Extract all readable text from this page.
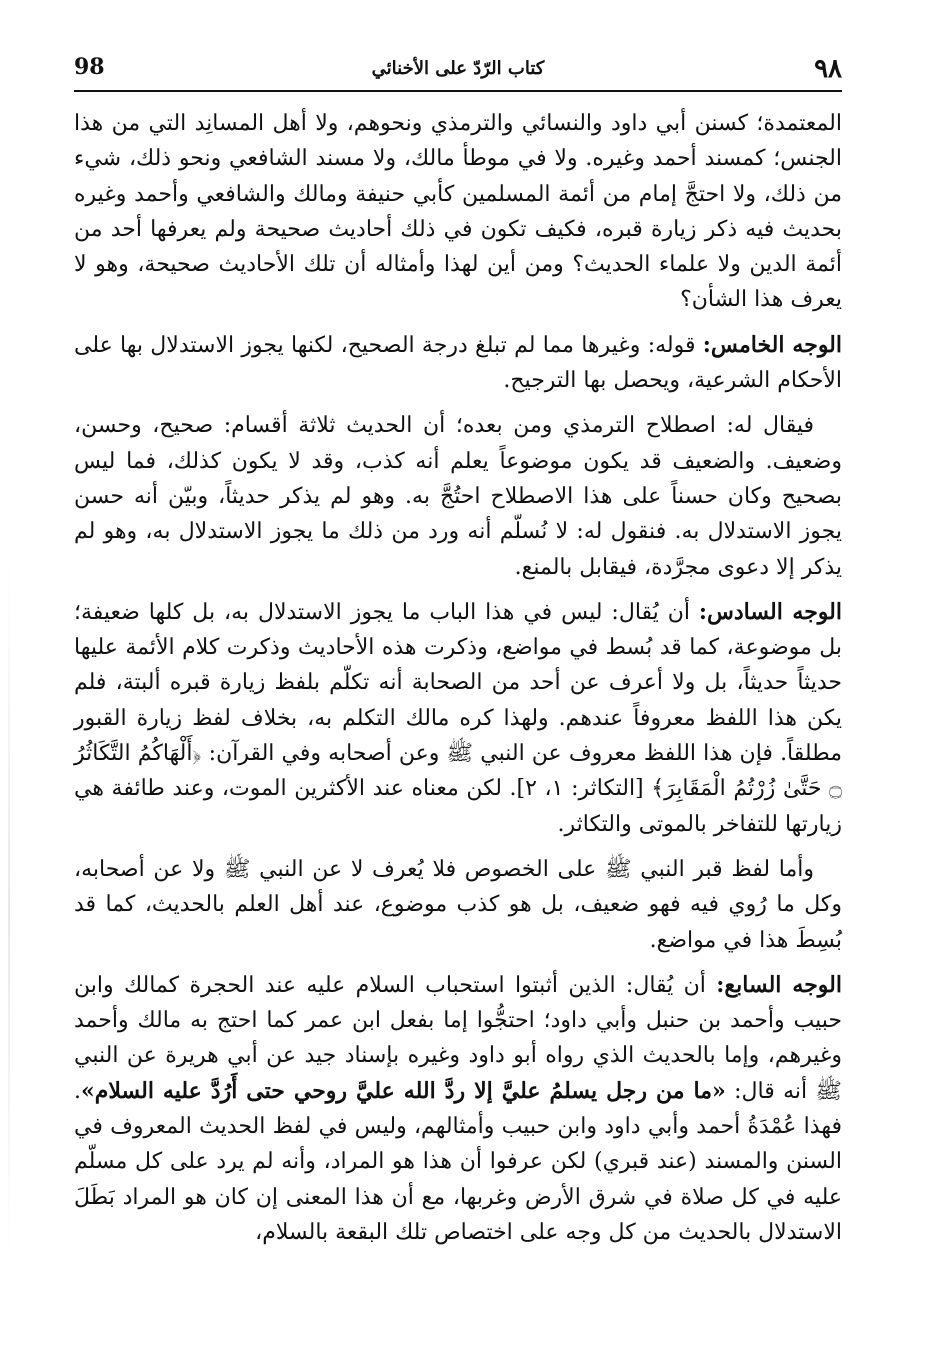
٩٨
كتاب الرّدّ على الأخنائي
98

المعتمدة؛ كسنن أبي داود والنسائي والترمذي ونحوهم، ولا أهل المسانِد التي من هذا الجنس؛ كمسند أحمد وغيره. ولا في موطأ مالك، ولا مسند الشافعي ونحو ذلك، شيء من ذلك، ولا احتجَّ إمام من أئمة المسلمين كأبي حنيفة ومالك والشافعي وأحمد وغيره بحديث فيه ذكر زيارة قبره، فكيف تكون في ذلك أحاديث صحيحة ولم يعرفها أحد من أئمة الدين ولا علماء الحديث؟ ومن أين لهذا وأمثاله أن تلك الأحاديث صحيحة، وهو لا يعرف هذا الشأن؟

الوجه الخامس: قوله: وغيرها مما لم تبلغ درجة الصحيح، لكنها يجوز الاستدلال بها على الأحكام الشرعية، ويحصل بها الترجيح.

فيقال له: اصطلاح الترمذي ومن بعده؛ أن الحديث ثلاثة أقسام: صحيح، وحسن، وضعيف. والضعيف قد يكون موضوعاً يعلم أنه كذب، وقد لا يكون كذلك، فما ليس بصحيح وكان حسناً على هذا الاصطلاح احتُجَّ به. وهو لم يذكر حديثاً، وبيّن أنه حسن يجوز الاستدلال به. فنقول له: لا نُسلّم أنه ورد من ذلك ما يجوز الاستدلال به، وهو لم يذكر إلا دعوى مجرَّدة، فيقابل بالمنع.

الوجه السادس: أن يُقال: ليس في هذا الباب ما يجوز الاستدلال به، بل كلها ضعيفة؛ بل موضوعة، كما قد بُسط في مواضع، وذكرت هذه الأحاديث وذكرت كلام الأئمة عليها حديثاً حديثاً، بل ولا أعرف عن أحد من الصحابة أنه تكلّم بلفظ زيارة قبره ألبتة، فلم يكن هذا اللفظ معروفاً عندهم. ولهذا كره مالك التكلم به، بخلاف لفظ زيارة القبور مطلقاً. فإن هذا اللفظ معروف عن النبي ﷺ وعن أصحابه وفي القرآن: ﴿أَلْهَاكُمُ التَّكَاثُرُ ۝ حَتَّىٰ زُرْتُمُ الْمَقَابِرَ﴾ [التكاثر: ١، ٢]. لكن معناه عند الأكثرين الموت، وعند طائفة هي زيارتها للتفاخر بالموتى والتكاثر.

وأما لفظ قبر النبي ﷺ على الخصوص فلا يُعرف لا عن النبي ﷺ ولا عن أصحابه، وكل ما رُوي فيه فهو ضعيف، بل هو كذب موضوع، عند أهل العلم بالحديث، كما قد بُسِطَ هذا في مواضع.

الوجه السابع: أن يُقال: الذين أثبتوا استحباب السلام عليه عند الحجرة كمالك وابن حبيب وأحمد بن حنبل وأبي داود؛ احتجُّوا إما بفعل ابن عمر كما احتج به مالك وأحمد وغيرهم، وإما بالحديث الذي رواه أبو داود وغيره بإسناد جيد عن أبي هريرة عن النبي ﷺ أنه قال: «ما من رجل يسلمُ عليَّ إلا ردَّ الله عليَّ روحي حتى أَرُدَّ عليه السلام». فهذا عُمْدَةُ أحمد وأبي داود وابن حبيب وأمثالهم، وليس في لفظ الحديث المعروف في السنن والمسند (عند قبري) لكن عرفوا أن هذا هو المراد، وأنه لم يرد على كل مسلّم عليه في كل صلاة في شرق الأرض وغربها، مع أن هذا المعنى إن كان هو المراد بَطَلَ الاستدلال بالحديث من كل وجه على اختصاص تلك البقعة بالسلام،
